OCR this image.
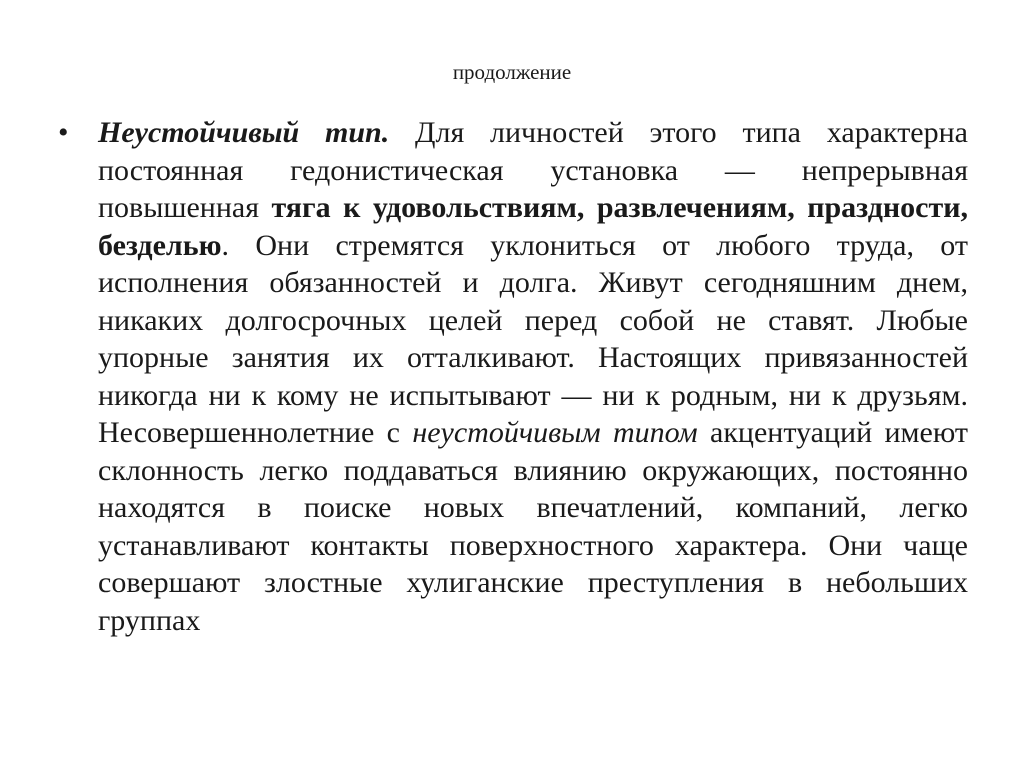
продолжение
• Неустойчивый тип. Для личностей этого типа характерна постоянная гедонистическая установка — непрерывная повышенная тяга к удовольствиям, развлечениям, праздности, безделью. Они стремятся уклониться от любого труда, от исполнения обязанностей и долга. Живут сегодняшним днем, никаких долгосрочных целей перед собой не ставят. Любые упорные занятия их отталкивают. Настоящих привязанностей никогда ни к кому не испытывают — ни к родным, ни к друзьям. Несовершеннолетние с неустойчивым типом акцентуаций имеют склонность легко поддаваться влиянию окружающих, постоянно находятся в поиске новых впечатлений, компаний, легко устанавливают контакты поверхностного характера. Они чаще совершают злостные хулиганские преступления в небольших группах
